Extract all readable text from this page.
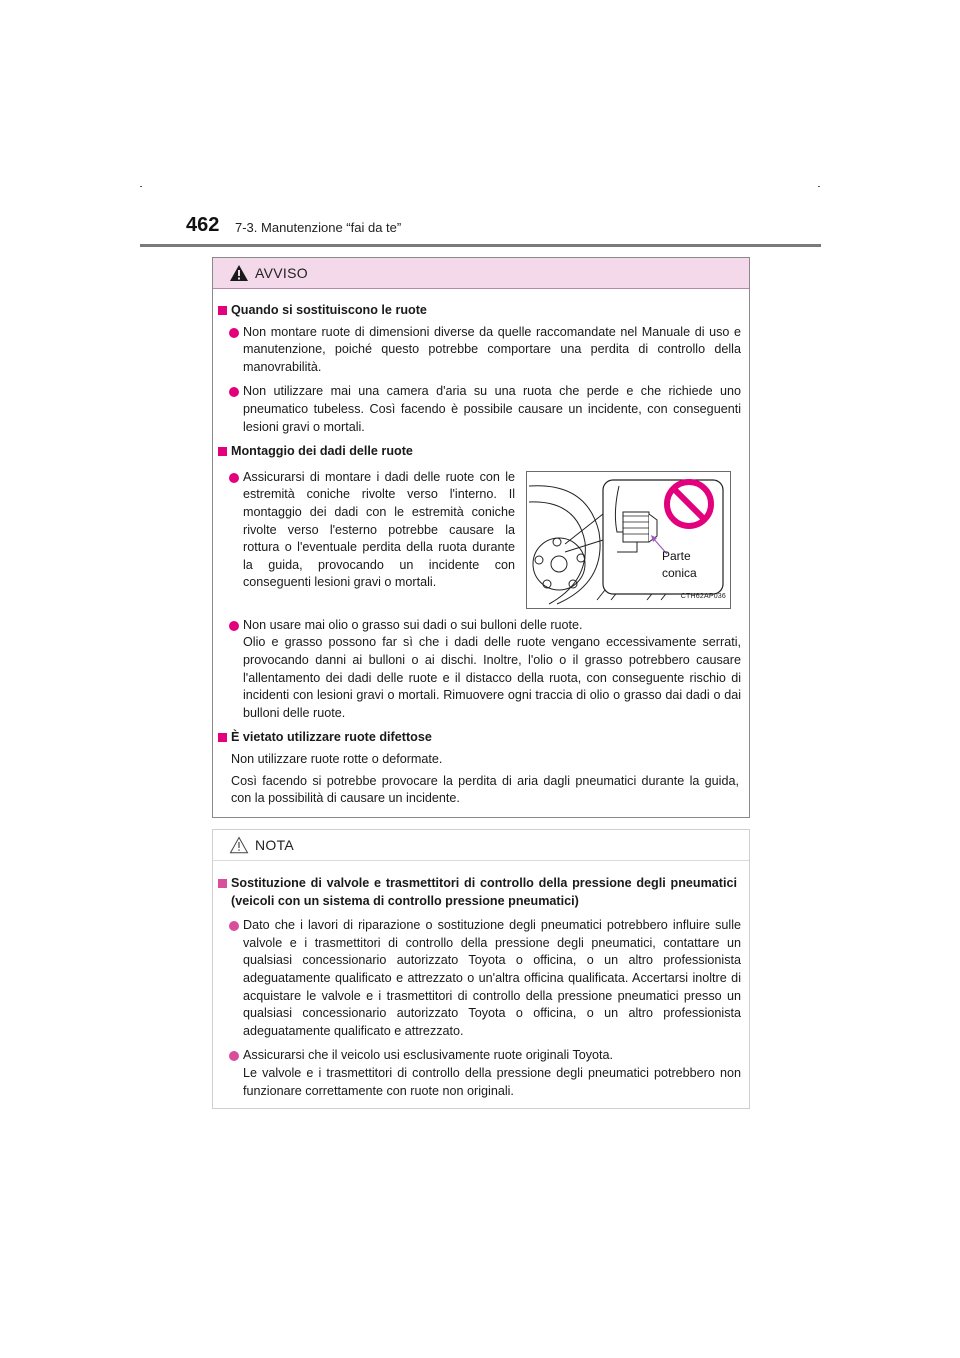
462 7-3. Manutenzione “fai da te”
AVVISO
Quando si sostituiscono le ruote
Non montare ruote di dimensioni diverse da quelle raccomandate nel Manuale di uso e manutenzione, poiché questo potrebbe comportare una perdita di controllo della manovrabilità.
Non utilizzare mai una camera d'aria su una ruota che perde e che richiede uno pneumatico tubeless. Così facendo è possibile causare un incidente, con conseguenti lesioni gravi o mortali.
Montaggio dei dadi delle ruote
Assicurarsi di montare i dadi delle ruote con le estremità coniche rivolte verso l'interno. Il montaggio dei dadi con le estremità coniche rivolte verso l'esterno potrebbe causare la rottura o l'eventuale perdita della ruota durante la guida, provocando un incidente con conseguenti lesioni gravi o mortali.
Parte
conica
CTH62AP036
Non usare mai olio o grasso sui dadi o sui bulloni delle ruote.
Olio e grasso possono far sì che i dadi delle ruote vengano eccessivamente serrati, provocando danni ai bulloni o ai dischi. Inoltre, l'olio o il grasso potrebbero causare l'allentamento dei dadi delle ruote e il distacco della ruota, con conseguente rischio di incidenti con lesioni gravi o mortali. Rimuovere ogni traccia di olio o grasso dai dadi o dai bulloni delle ruote.
È vietato utilizzare ruote difettose
Non utilizzare ruote rotte o deformate.
Così facendo si potrebbe provocare la perdita di aria dagli pneumatici durante la guida, con la possibilità di causare un incidente.
NOTA
Sostituzione di valvole e trasmettitori di controllo della pressione degli pneumatici (veicoli con un sistema di controllo pressione pneumatici)
Dato che i lavori di riparazione o sostituzione degli pneumatici potrebbero influire sulle valvole e i trasmettitori di controllo della pressione degli pneumatici, contattare un qualsiasi concessionario autorizzato Toyota o officina, o un altro professionista adeguatamente qualificato e attrezzato o un'altra officina qualificata. Accertarsi inoltre di acquistare le valvole e i trasmettitori di controllo della pressione pneumatici presso un qualsiasi concessionario autorizzato Toyota o officina, o un altro professionista adeguatamente qualificato e attrezzato.
Assicurarsi che il veicolo usi esclusivamente ruote originali Toyota.
Le valvole e i trasmettitori di controllo della pressione degli pneumatici potrebbero non funzionare correttamente con ruote non originali.
